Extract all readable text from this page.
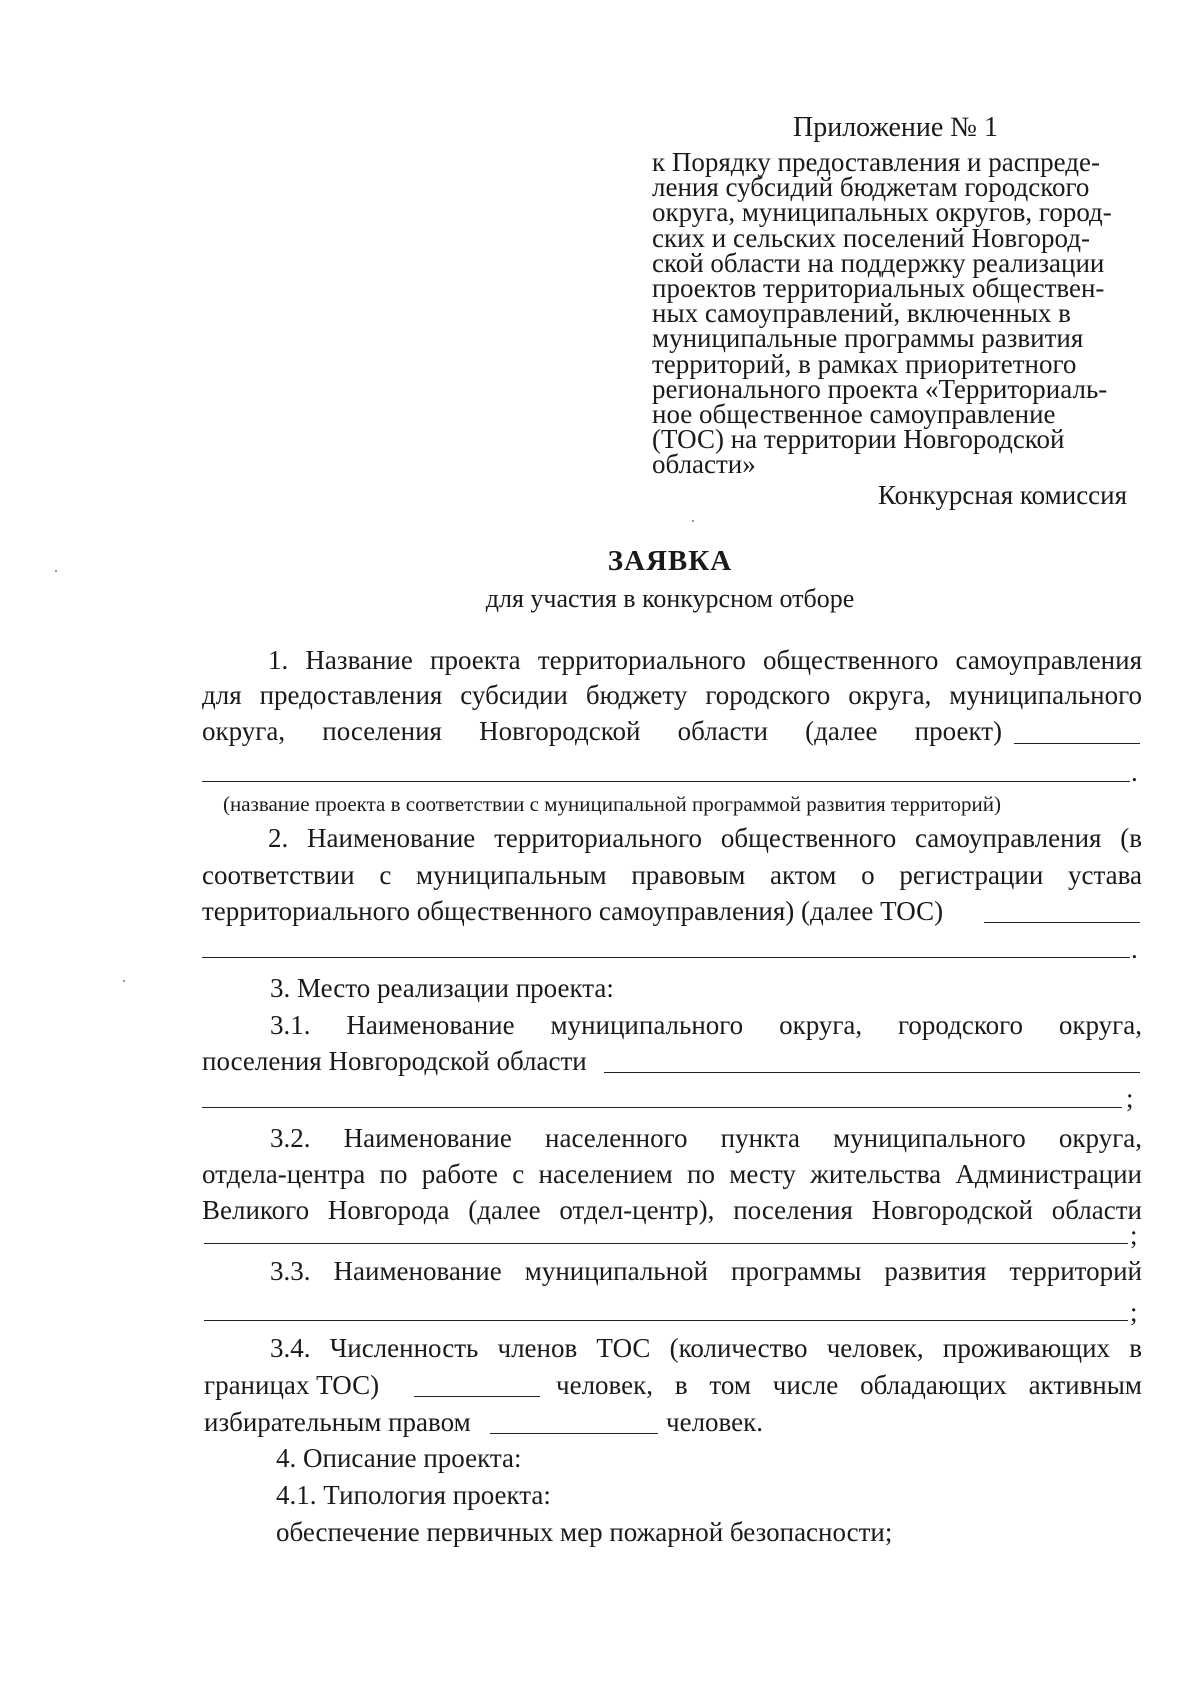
Приложение № 1
к Порядку предоставления и распреде-
ления субсидий бюджетам городского
округа, муниципальных округов, город-
ских и сельских поселений Новгород-
ской области на поддержку реализации
проектов территориальных обществен-
ных самоуправлений, включенных в
муниципальные программы развития
территорий, в рамках приоритетного
регионального проекта «Территориаль-
ное общественное самоуправление
(ТОС) на территории Новгородской
области»
Конкурсная комиссия
ЗАЯВКА
для участия в конкурсном отборе
1. Название проекта территориального общественного самоуправления
для предоставления субсидии бюджету городского округа, муниципального
округа, поселения Новгородской области (далее проект)
.
(название проекта в соответствии с муниципальной программой развития территорий)
2. Наименование территориального общественного самоуправления (в
соответствии с муниципальным правовым актом о регистрации устава
территориального общественного самоуправления) (далее ТОС)
.
3. Место реализации проекта:
3.1. Наименование муниципального округа, городского округа,
поселения Новгородской области
;
3.2. Наименование населенного пункта муниципального округа,
отдела-центра по работе с населением по месту жительства Администрации
Великого Новгорода (далее отдел-центр), поселения Новгородской области
;
3.3. Наименование муниципальной программы развития территорий
;
3.4. Численность членов ТОС (количество человек, проживающих в
границах ТОС)	человек, в том числе обладающих активным
избирательным правом	человек.
4. Описание проекта:
4.1. Типология проекта:
обеспечение первичных мер пожарной безопасности;
